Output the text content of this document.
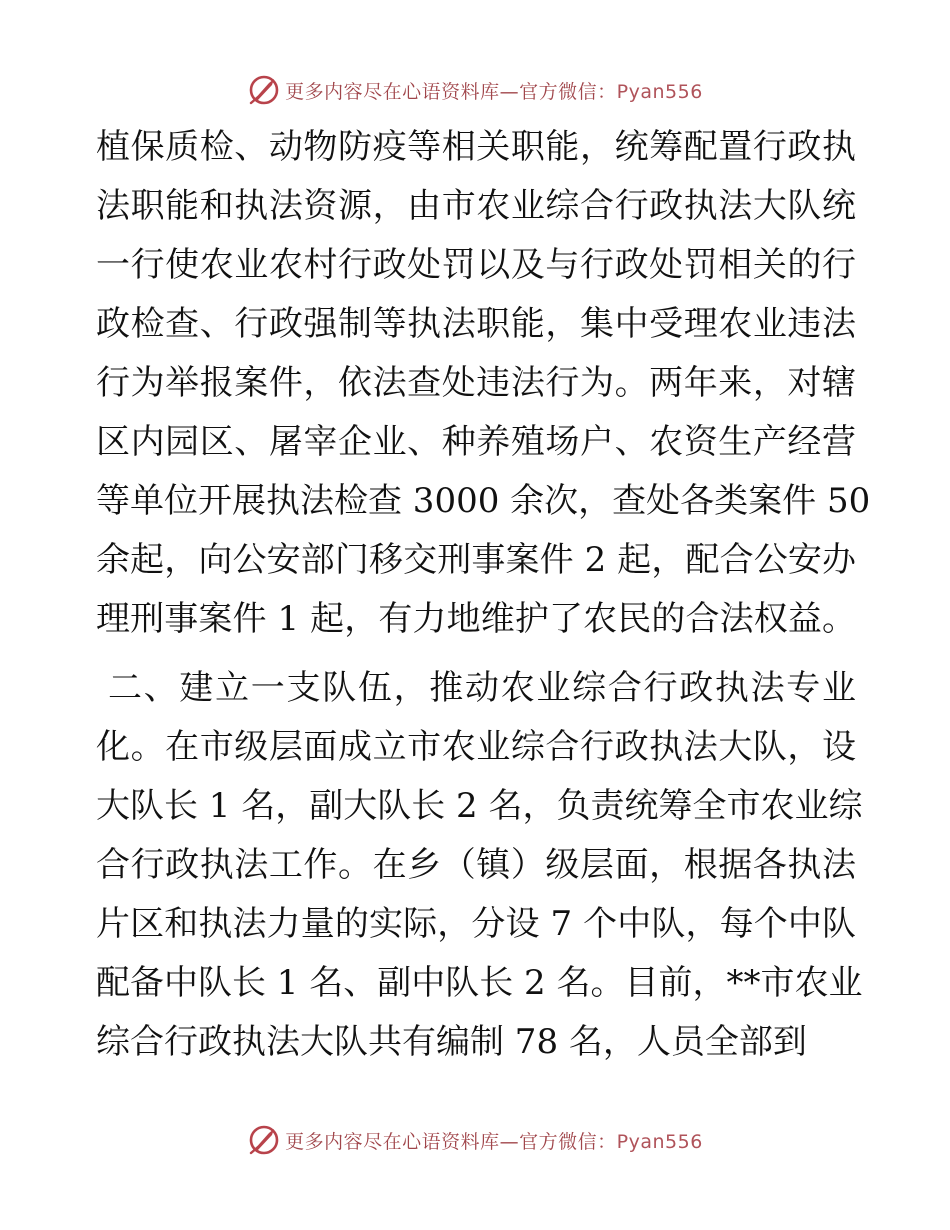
更多内容尽在心语资料库—官方微信：Pyan556
植保质检、动物防疫等相关职能，统筹配置行政执
法职能和执法资源，由市农业综合行政执法大队统
一行使农业农村行政处罚以及与行政处罚相关的行
政检查、行政强制等执法职能，集中受理农业违法
行为举报案件，依法查处违法行为。两年来，对辖
区内园区、屠宰企业、种养殖场户、农资生产经营
等单位开展执法检查 3000 余次，查处各类案件 50
余起，向公安部门移交刑事案件 2 起，配合公安办
理刑事案件 1 起，有力地维护了农民的合法权益。
二、建立一支队伍，推动农业综合行政执法专业
化。在市级层面成立市农业综合行政执法大队，设
大队长 1 名，副大队长 2 名，负责统筹全市农业综
合行政执法工作。在乡（镇）级层面，根据各执法
片区和执法力量的实际，分设 7 个中队，每个中队
配备中队长 1 名、副中队长 2 名。目前，**市农业
综合行政执法大队共有编制 78 名，人员全部到
更多内容尽在心语资料库—官方微信：Pyan556
